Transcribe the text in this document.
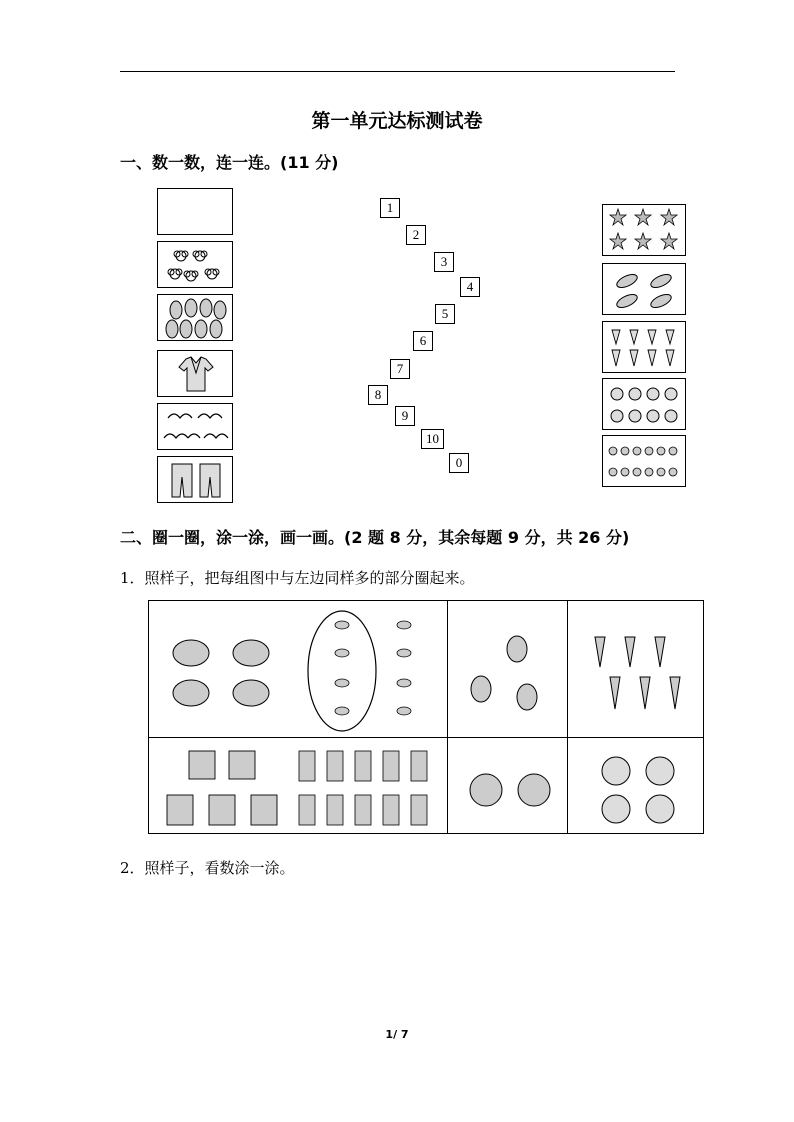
第一单元达标测试卷
一、数一数，连一连。(11 分)
1
2
3
4
5
6
7
8
9
10
0
二、圈一圈，涂一涂，画一画。(2 题 8 分，其余每题 9 分，共 26 分)
1．照样子，把每组图中与左边同样多的部分圈起来。
2．照样子，看数涂一涂。
1/ 7
